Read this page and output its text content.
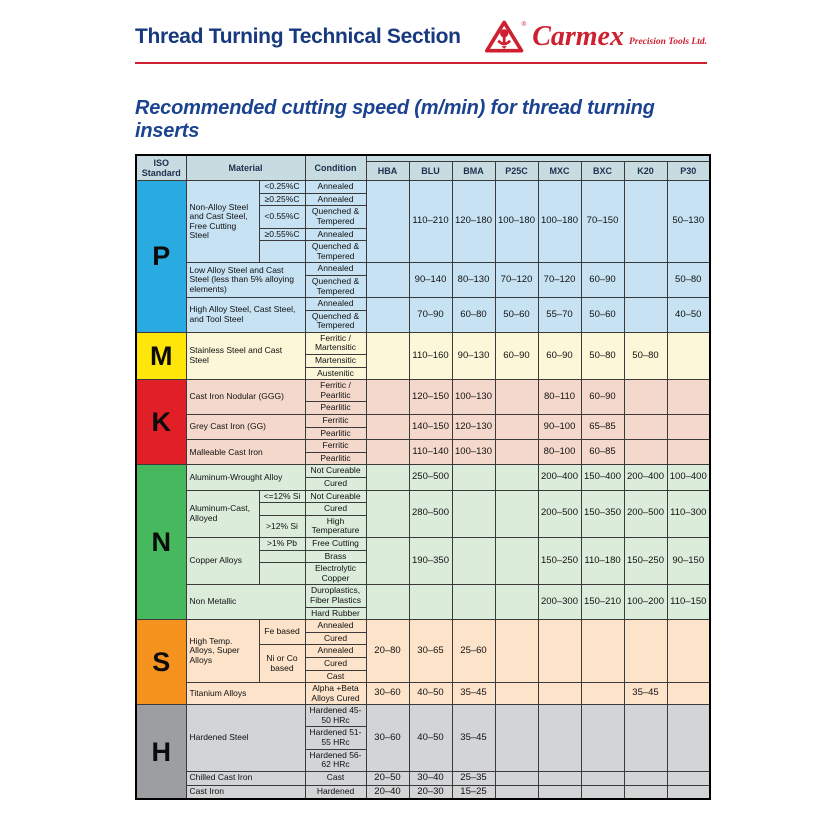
Thread Turning Technical Section
® Carmex Precision Tools Ltd.
Recommended cutting speed (m/min) for thread turning inserts
ISO Standard	Material		Condition								
				HBA	BLU	BMA	P25C	MXC	BXC	K20	P30
P	Non-Alloy Steel and Cast Steel, Free Cutting Steel	<0.25%C	Annealed		110–210	120–180	100–180	100–180	70–150		50–130
		≥0.25%C	Annealed								
		<0.55%C	Quenched & Tempered								
		≥0.55%C	Annealed								
			Quenched & Tempered								
	Low Alloy Steel and Cast Steel (less than 5% alloying elements)		Annealed		90–140	80–130	70–120	70–120	60–90		50–80
			Quenched & Tempered								
	High Alloy Steel, Cast Steel, and Tool Steel		Annealed		70–90	60–80	50–60	55–70	50–60		40–50
			Quenched & Tempered								
M	Stainless Steel and Cast Steel		Ferritic / Martensitic		110–160	90–130	60–90	60–90	50–80	50–80	
			Martensitic								
			Austenitic								
K	Cast Iron Nodular (GGG)		Ferritic / Pearlitic		120–150	100–130		80–110	60–90		
			Pearlitic								
	Grey Cast Iron (GG)		Ferritic		140–150	120–130		90–100	65–85		
			Pearlitic								
	Malleable Cast Iron		Ferritic		110–140	100–130		80–100	60–85		
			Pearlitic								
N	Aluminum-Wrought Alloy		Not Cureable		250–500			200–400	150–400	200–400	100–400
			Cured								
	Aluminum-Cast, Alloyed	<=12% Si	Not Cureable		280–500			200–500	150–350	200–500	110–300
			Cured								
		>12% Si	High Temperature								
	Copper Alloys	>1% Pb	Free Cutting		190–350			150–250	110–180	150–250	90–150
			Brass								
			Electrolytic Copper								
	Non Metallic		Duroplastics, Fiber Plastics					200–300	150–210	100–200	110–150
			Hard Rubber								
S	High Temp. Alloys, Super Alloys	Fe based	Annealed	20–80	30–65	25–60					
			Cured								
		Ni or Co based	Annealed								
			Cured								
			Cast								
	Titanium Alloys		Alpha +Beta Alloys Cured	30–60	40–50	35–45				35–45	
H	Hardened Steel		Hardened 45-50 HRc	30–60	40–50	35–45					
			Hardened 51-55 HRc								
			Hardened 56-62 HRc								
	Chilled Cast Iron		Cast	20–50	30–40	25–35					
	Cast Iron		Hardened	20–40	20–30	15–25					
